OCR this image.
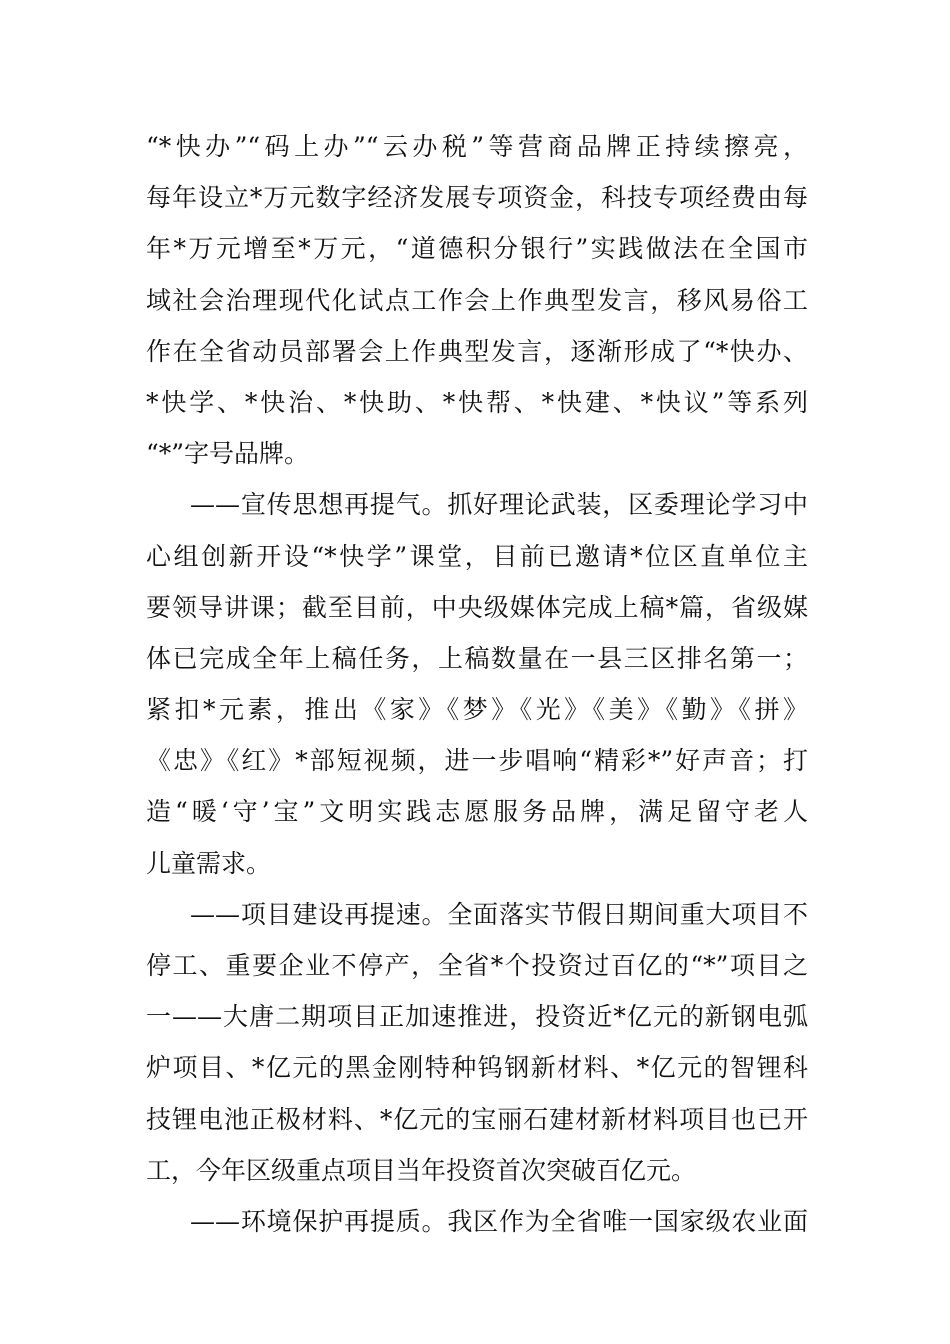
“*快办”“码上办”“云办税”等营商品牌正持续擦亮，
每年设立*万元数字经济发展专项资金，科技专项经费由每
年*万元增至*万元，“道德积分银行”实践做法在全国市
域社会治理现代化试点工作会上作典型发言，移风易俗工
作在全省动员部署会上作典型发言，逐渐形成了“*快办、
*快学、*快治、*快助、*快帮、*快建、*快议”等系列
“*”字号品牌。
——宣传思想再提气。抓好理论武装，区委理论学习中
心组创新开设“*快学”课堂，目前已邀请*位区直单位主
要领导讲课；截至目前，中央级媒体完成上稿*篇，省级媒
体已完成全年上稿任务，上稿数量在一县三区排名第一；
紧扣*元素，推出《家》《梦》《光》《美》《勤》《拼》
《忠》《红》*部短视频，进一步唱响“精彩*”好声音；打
造“暖‘守’宝”文明实践志愿服务品牌，满足留守老人
儿童需求。
——项目建设再提速。全面落实节假日期间重大项目不
停工、重要企业不停产，全省*个投资过百亿的“*”项目之
一——大唐二期项目正加速推进，投资近*亿元的新钢电弧
炉项目、*亿元的黑金刚特种钨钢新材料、*亿元的智锂科
技锂电池正极材料、*亿元的宝丽石建材新材料项目也已开
工，今年区级重点项目当年投资首次突破百亿元。
——环境保护再提质。我区作为全省唯一国家级农业面
